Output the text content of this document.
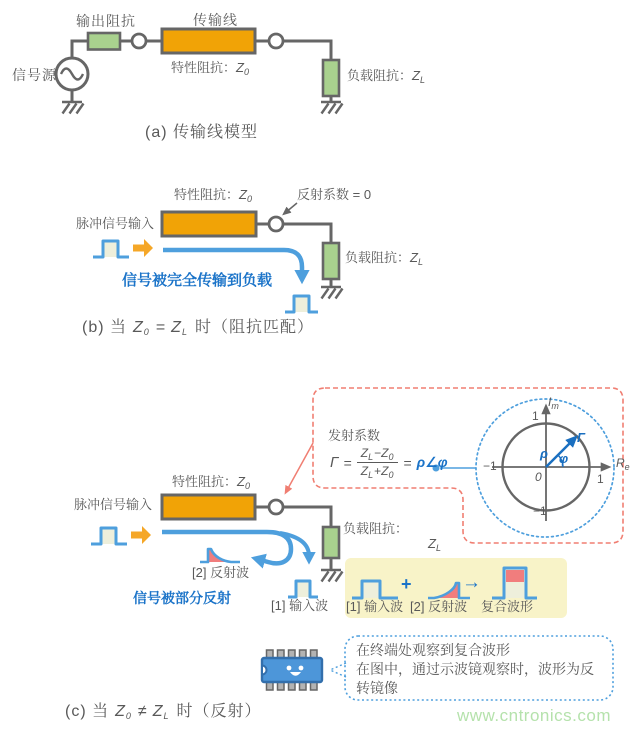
输出阻抗	传输线
特性阻抗：$Z_0$
信号源	负载阻抗：$Z_L$
(a) 传输线模型
特性阻抗：$Z_0$	反射系数 = 0
脉冲信号输入
信号被完全传输到负载
负载阻抗：$Z_L$
(b) 当 Z0 = ZL 时（阻抗匹配）
特性阻抗：$Z_0$
脉冲信号输入
[2] 反射波
信号被部分反射	[1] 输入波
负载阻抗：
$Z_L$
发射系数
$\Gamma = \frac{Z_L-Z_0}{Z_L+Z_0}$ = ρ∠φ
$I_m$
$R_e$
1
−1
1
−1
0
Γ
ρ φ
+	→
[1] 输入波 [2] 反射波 复合波形
在终端处观察到复合波形
在图中，通过示波镜观察时，波形为反
转镜像
(c) 当 Z0 ≠ ZL 时（反射）	www.cntronics.com
